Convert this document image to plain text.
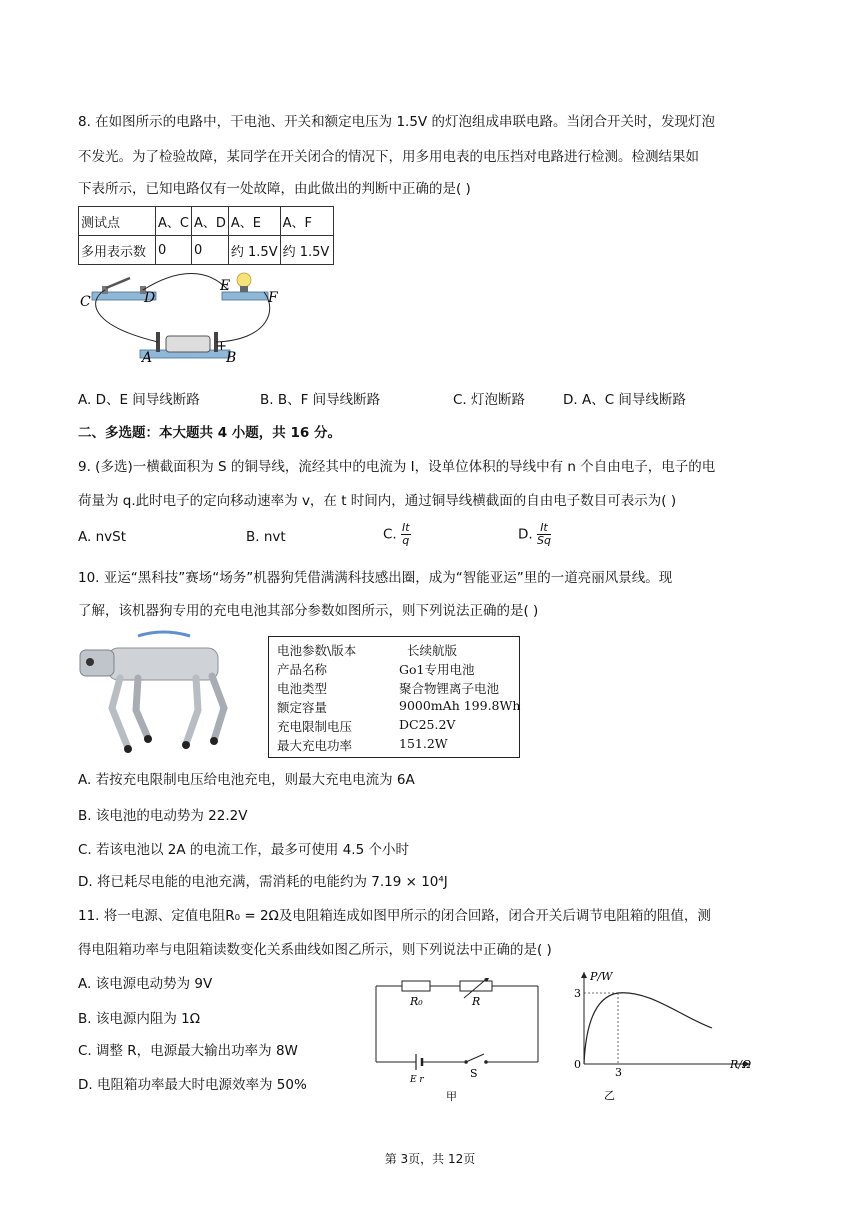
8. 在如图所示的电路中，干电池、开关和额定电压为 1.5V 的灯泡组成串联电路。当闭合开关时，发现灯泡
不发光。为了检验故障，某同学在开关闭合的情况下，用多用电表的电压挡对电路进行检测。检测结果如
下表所示，已知电路仅有一处故障，由此做出的判断中正确的是( )
测试点	A、C	A、D	A、E	A、F
多用表示数	0	0	约 1.5V	约 1.5V
C	D
E
F
A	B
+
A. D、E 间导线断路	B. B、F 间导线断路	C. 灯泡断路	D. A、C 间导线断路
二、多选题：本大题共 4 小题，共 16 分。
9. (多选)一横截面积为 S 的铜导线，流经其中的电流为 I，设单位体积的导线中有 n 个自由电子，电子的电
荷量为 q.此时电子的定向移动速率为 v，在 t 时间内，通过铜导线横截面的自由电子数目可表示为( )
A. nvSt	B. nvt	C. $\frac{It}{q}$	D. $\frac{It}{Sq}$
10. 亚运“黑科技”赛场“场务”机器狗凭借满满科技感出圈，成为“智能亚运”里的一道亮丽风景线。现
了解，该机器狗专用的充电电池其部分参数如图所示，则下列说法正确的是( )
电池参数\版本	长续航版
产品名称	Go1专用电池
电池类型	聚合物锂离子电池
额定容量	9000mAh 199.8Wh
充电限制电压	DC25.2V
最大充电功率	151.2W
A. 若按充电限制电压给电池充电，则最大充电电流为 6A
B. 该电池的电动势为 22.2V
C. 若该电池以 2A 的电流工作，最多可使用 4.5 个小时
D. 将已耗尽电能的电池充满，需消耗的电能约为 7.19 × 10⁴J
11. 将一电源、定值电阻R₀ = 2Ω及电阻箱连成如图甲所示的闭合回路，闭合开关后调节电阻箱的阻值，测
得电阻箱功率与电阻箱读数变化关系曲线如图乙所示，则下列说法中正确的是( )
A. 该电源电动势为 9V
B. 该电源内阻为 1Ω
C. 调整 R，电源最大输出功率为 8W
D. 电阻箱功率最大时电源效率为 50%
R₀	R
S
E r
甲
P/W
R/Ω
3
3
0
乙
第 3页，共 12页
